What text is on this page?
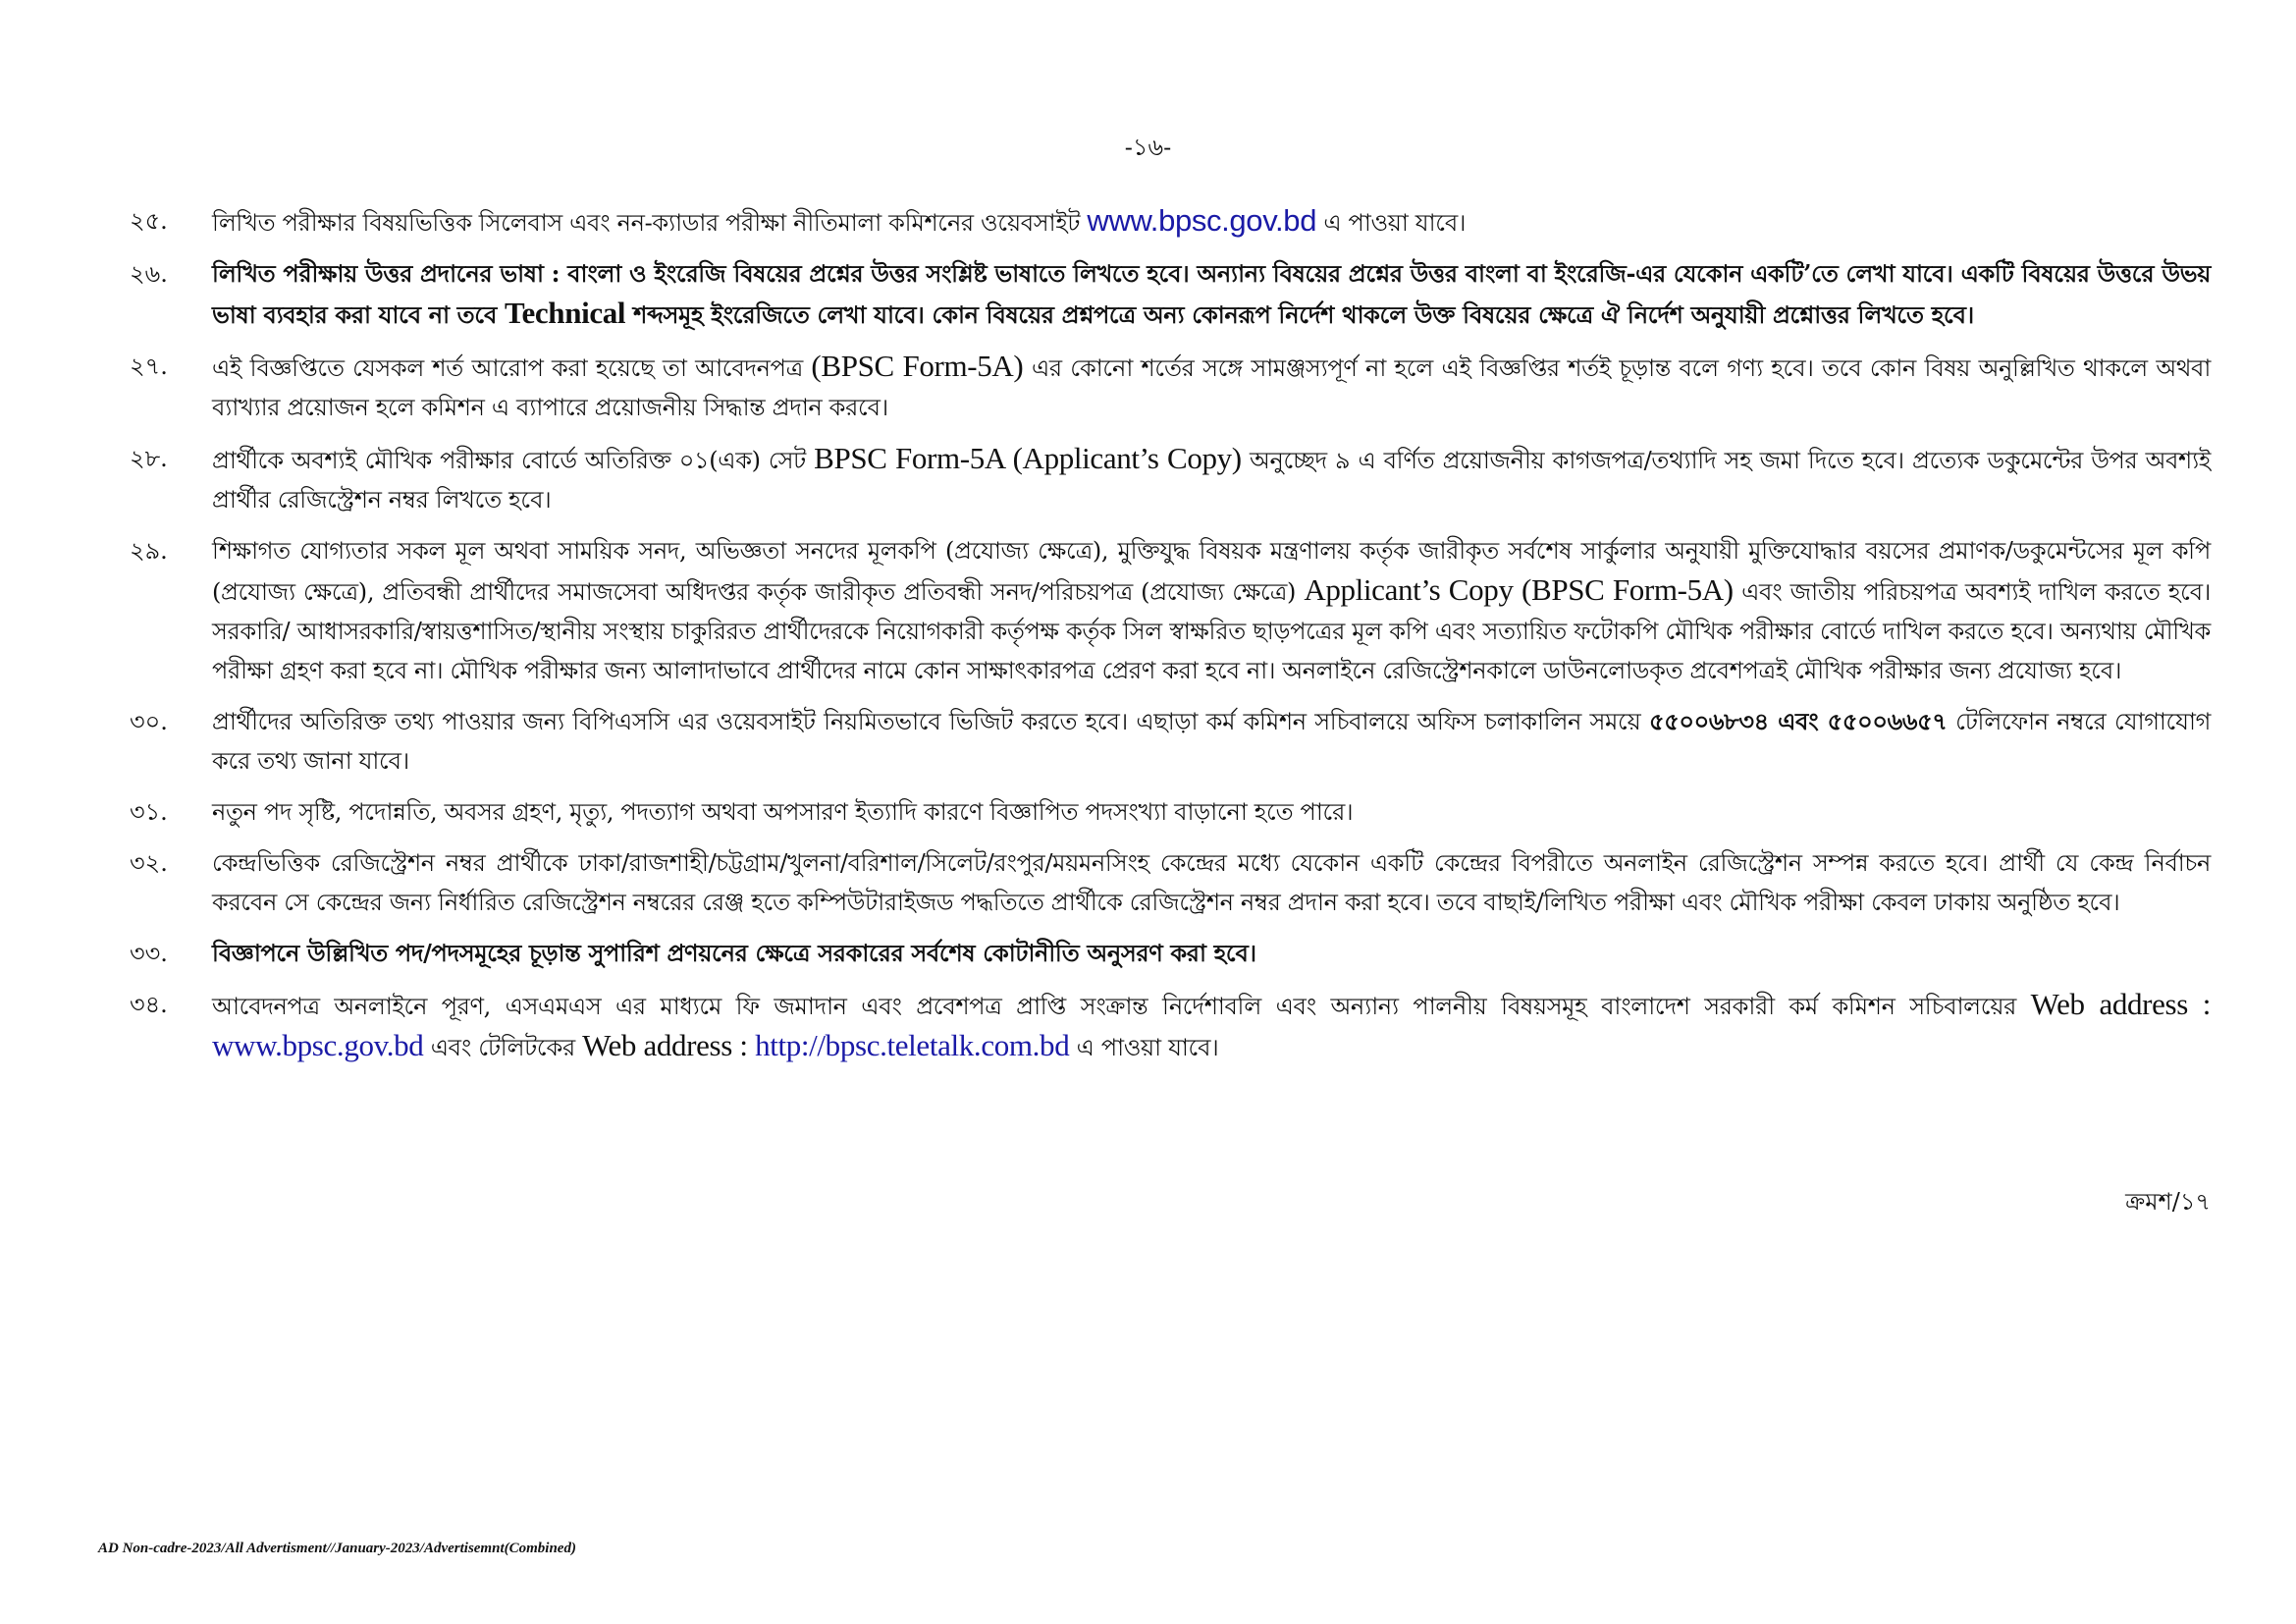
-১৬-
২৫.	লিখিত পরীক্ষার বিষয়ভিত্তিক সিলেবাস এবং নন-ক্যাডার পরীক্ষা নীতিমালা কমিশনের ওয়েবসাইট www.bpsc.gov.bd এ পাওয়া যাবে।
২৬.	লিখিত পরীক্ষায় উত্তর প্রদানের ভাষা : বাংলা ও ইংরেজি বিষয়ের প্রশ্নের উত্তর সংশ্লিষ্ট ভাষাতে লিখতে হবে। অন্যান্য বিষয়ের প্রশ্নের উত্তর বাংলা বা ইংরেজি-এর যেকোন একটি’তে লেখা যাবে। একটি বিষয়ের উত্তরে উভয় ভাষা ব্যবহার করা যাবে না তবে Technical শব্দসমূহ ইংরেজিতে লেখা যাবে। কোন বিষয়ের প্রশ্নপত্রে অন্য কোনরূপ নির্দেশ থাকলে উক্ত বিষয়ের ক্ষেত্রে ঐ নির্দেশ অনুযায়ী প্রশ্নোত্তর লিখতে হবে।
২৭.	এই বিজ্ঞপ্তিতে যেসকল শর্ত আরোপ করা হয়েছে তা আবেদনপত্র (BPSC Form-5A) এর কোনো শর্তের সঙ্গে সামঞ্জস্যপূর্ণ না হলে এই বিজ্ঞপ্তির শর্তই চূড়ান্ত বলে গণ্য হবে। তবে কোন বিষয় অনুল্লিখিত থাকলে অথবা ব্যাখ্যার প্রয়োজন হলে কমিশন এ ব্যাপারে প্রয়োজনীয় সিদ্ধান্ত প্রদান করবে।
২৮.	প্রার্থীকে অবশ্যই মৌখিক পরীক্ষার বোর্ডে অতিরিক্ত ০১(এক) সেট BPSC Form-5A (Applicant’s Copy) অনুচ্ছেদ ৯ এ বর্ণিত প্রয়োজনীয় কাগজপত্র/তথ্যাদি সহ জমা দিতে হবে। প্রত্যেক ডকুমেন্টের উপর অবশ্যই প্রার্থীর রেজিস্ট্রেশন নম্বর লিখতে হবে।
২৯.	শিক্ষাগত যোগ্যতার সকল মূল অথবা সাময়িক সনদ, অভিজ্ঞতা সনদের মূলকপি (প্রযোজ্য ক্ষেত্রে), মুক্তিযুদ্ধ বিষয়ক মন্ত্রণালয় কর্তৃক জারীকৃত সর্বশেষ সার্কুলার অনুযায়ী মুক্তিযোদ্ধার বয়সের প্রমাণক/ডকুমেন্টসের মূল কপি (প্রযোজ্য ক্ষেত্রে), প্রতিবন্ধী প্রার্থীদের সমাজসেবা অধিদপ্তর কর্তৃক জারীকৃত প্রতিবন্ধী সনদ/পরিচয়পত্র (প্রযোজ্য ক্ষেত্রে) Applicant’s Copy (BPSC Form-5A) এবং জাতীয় পরিচয়পত্র অবশ্যই দাখিল করতে হবে। সরকারি/ আধাসরকারি/স্বায়ত্তশাসিত/স্থানীয় সংস্থায় চাকুরিরত প্রার্থীদেরকে নিয়োগকারী কর্তৃপক্ষ কর্তৃক সিল স্বাক্ষরিত ছাড়পত্রের মূল কপি এবং সত্যায়িত ফটোকপি মৌখিক পরীক্ষার বোর্ডে দাখিল করতে হবে। অন্যথায় মৌখিক পরীক্ষা গ্রহণ করা হবে না। মৌখিক পরীক্ষার জন্য আলাদাভাবে প্রার্থীদের নামে কোন সাক্ষাৎকারপত্র প্রেরণ করা হবে না। অনলাইনে রেজিস্ট্রেশনকালে ডাউনলোডকৃত প্রবেশপত্রই মৌখিক পরীক্ষার জন্য প্রযোজ্য হবে।
৩০.	প্রার্থীদের অতিরিক্ত তথ্য পাওয়ার জন্য বিপিএসসি এর ওয়েবসাইট নিয়মিতভাবে ভিজিট করতে হবে। এছাড়া কর্ম কমিশন সচিবালয়ে অফিস চলাকালিন সময়ে ৫৫০০৬৮৩৪ এবং ৫৫০০৬৬৫৭ টেলিফোন নম্বরে যোগাযোগ করে তথ্য জানা যাবে।
৩১.	নতুন পদ সৃষ্টি, পদোন্নতি, অবসর গ্রহণ, মৃত্যু, পদত্যাগ অথবা অপসারণ ইত্যাদি কারণে বিজ্ঞাপিত পদসংখ্যা বাড়ানো হতে পারে।
৩২.	কেন্দ্রভিত্তিক রেজিস্ট্রেশন নম্বর প্রার্থীকে ঢাকা/রাজশাহী/চট্টগ্রাম/খুলনা/বরিশাল/সিলেট/রংপুর/ময়মনসিংহ কেন্দ্রের মধ্যে যেকোন একটি কেন্দ্রের বিপরীতে অনলাইন রেজিস্ট্রেশন সম্পন্ন করতে হবে। প্রার্থী যে কেন্দ্র নির্বাচন করবেন সে কেন্দ্রের জন্য নির্ধারিত রেজিস্ট্রেশন নম্বরের রেঞ্জ হতে কম্পিউটারাইজড পদ্ধতিতে প্রার্থীকে রেজিস্ট্রেশন নম্বর প্রদান করা হবে। তবে বাছাই/লিখিত পরীক্ষা এবং মৌখিক পরীক্ষা কেবল ঢাকায় অনুষ্ঠিত হবে।
৩৩.	বিজ্ঞাপনে উল্লিখিত পদ/পদসমূহের চূড়ান্ত সুপারিশ প্রণয়নের ক্ষেত্রে সরকারের সর্বশেষ কোটানীতি অনুসরণ করা হবে।
৩৪.	আবেদনপত্র অনলাইনে পূরণ, এসএমএস এর মাধ্যমে ফি জমাদান এবং প্রবেশপত্র প্রাপ্তি সংক্রান্ত নির্দেশাবলি এবং অন্যান্য পালনীয় বিষয়সমূহ বাংলাদেশ সরকারী কর্ম কমিশন সচিবালয়ের Web address : www.bpsc.gov.bd এবং টেলিটকের Web address : http://bpsc.teletalk.com.bd এ পাওয়া যাবে।
ক্রমশ/১৭
AD Non-cadre-2023/All Advertisment//January-2023/Advertisemnt(Combined)
